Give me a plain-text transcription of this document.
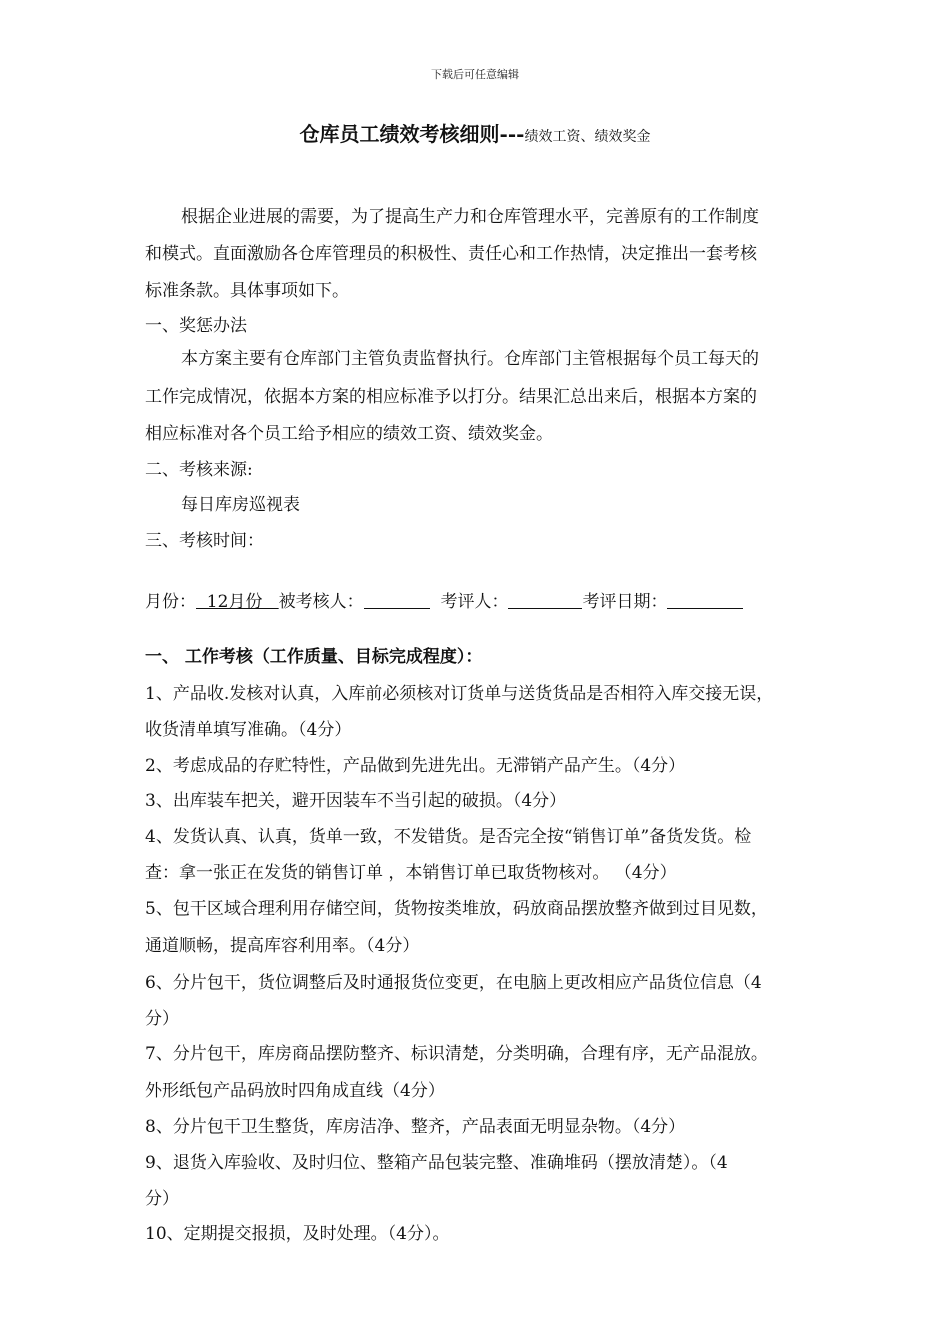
下载后可任意编辑
仓库员工绩效考核细则---绩效工资、绩效奖金

根据企业进展的需要，为了提高生产力和仓库管理水平，完善原有的工作制度

和模式。直面激励各仓库管理员的积极性、责任心和工作热情，决定推出一套考核

标准条款。具体事项如下。

一、奖惩办法

本方案主要有仓库部门主管负责监督执行。仓库部门主管根据每个员工每天的

工作完成情况，依据本方案的相应标准予以打分。结果汇总出来后，根据本方案的

相应标准对各个员工给予相应的绩效工资、绩效奖金。

二、考核来源:

每日库房巡视表

三、考核时间：

月份：  12月份   被考核人：	考评人：	考评日期：

一、 工作考核（工作质量、目标完成程度）：

1、产品收.发核对认真，入库前必须核对订货单与送货货品是否相符入库交接无误，

收货清单填写准确。（4分）

2、考虑成品的存贮特性，产品做到先进先出。无滞销产品产生。（4分）

3、出库装车把关，避开因装车不当引起的破损。（4分）

4、发货认真、认真，货单一致，不发错货。是否完全按“销售订单”备货发货。检

查：拿一张正在发货的销售订单 ，本销售订单已取货物核对。 （4分）

5、包干区域合理利用存储空间，货物按类堆放，码放商品摆放整齐做到过目见数，

通道顺畅，提高库容利用率。（4分）

6、分片包干，货位调整后及时通报货位变更，在电脑上更改相应产品货位信息（4

分）

7、分片包干，库房商品摆防整齐、标识清楚，分类明确，合理有序，无产品混放。

外形纸包产品码放时四角成直线（4分）

8、分片包干卫生整货，库房洁净、整齐，产品表面无明显杂物。（4分）

9、退货入库验收、及时归位、整箱产品包装完整、准确堆码（摆放清楚）。（4

分）

10、定期提交报损，及时处理。（4分）。
